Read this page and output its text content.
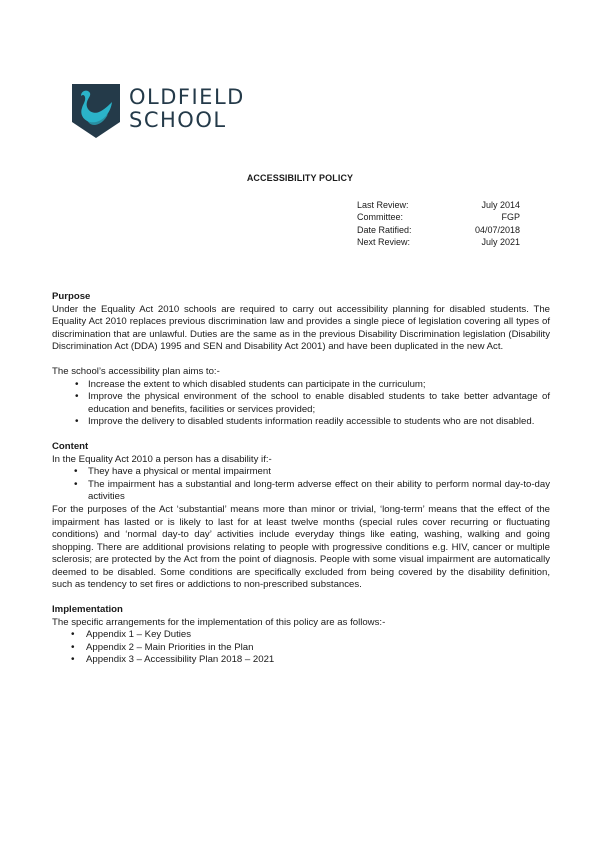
OLDFIELD
SCHOOL
ACCESSIBILITY POLICY
Last Review:	July 2014
Committee:	FGP
Date Ratified:	04/07/2018
Next Review:	July 2021
Purpose

Under the Equality Act 2010 schools are required to carry out accessibility planning for disabled students. The Equality Act 2010 replaces previous discrimination law and provides a single piece of legislation covering all types of discrimination that are unlawful. Duties are the same as in the previous Disability Discrimination legislation (Disability Discrimination Act (DDA) 1995 and SEN and Disability Act 2001) and have been duplicated in the new Act.

The school’s accessibility plan aims to:-

• Increase the extent to which disabled students can participate in the curriculum;
• Improve the physical environment of the school to enable disabled students to take better advantage of education and benefits, facilities or services provided;
• Improve the delivery to disabled students information readily accessible to students who are not disabled.
Content

In the Equality Act 2010 a person has a disability if:-

• They have a physical or mental impairment
• The impairment has a substantial and long-term adverse effect on their ability to perform normal day-to-day activities

For the purposes of the Act ‘substantial’ means more than minor or trivial, ‘long-term’ means that the effect of the impairment has lasted or is likely to last for at least twelve months (special rules cover recurring or fluctuating conditions) and ‘normal day-to day’ activities include everyday things like eating, washing, walking and going shopping. There are additional provisions relating to people with progressive conditions e.g. HIV, cancer or multiple sclerosis; are protected by the Act from the point of diagnosis. People with some visual impairment are automatically deemed to be disabled. Some conditions are specifically excluded from being covered by the disability definition, such as tendency to set fires or addictions to non-prescribed substances.

Implementation

The specific arrangements for the implementation of this policy are as follows:-

• Appendix 1 – Key Duties
• Appendix 2 – Main Priorities in the Plan
• Appendix 3 – Accessibility Plan 2018 – 2021
